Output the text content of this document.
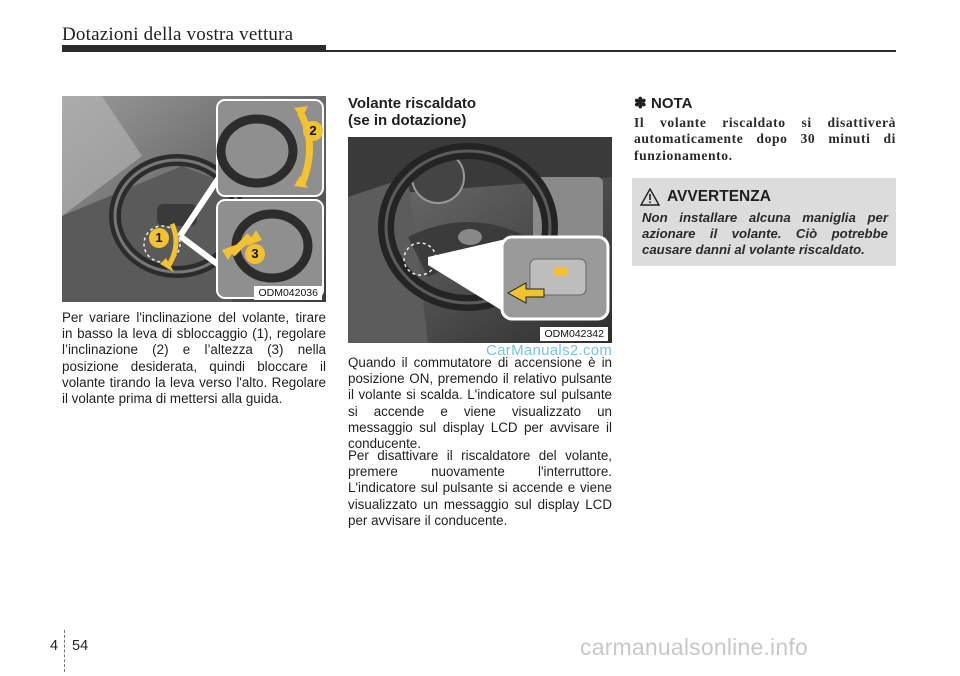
Dotazioni della vostra vettura
1
2
3
ODM042036
Per variare l'inclinazione del volante, tirare in basso la leva di sbloccaggio (1), regolare l’inclinazione (2) e l’altezza (3) nella posizione desiderata, quindi bloccare il volante tirando la leva verso l'alto. Regolare il volante prima di mettersi alla guida.
Volante riscaldato
(se in dotazione)
ODM042342
Quando il commutatore di accensione è in posizione ON, premendo il relativo pulsante il volante si scalda. L'indicatore sul pulsante si accende e viene visualizzato un messaggio sul display LCD per avvisare il conducente.
Per disattivare il riscaldatore del volante, premere nuovamente l'interruttore. L'indicatore sul pulsante si accende e viene visualizzato un messaggio sul display LCD per avvisare il conducente.
✽ NOTA
Il volante riscaldato si disattiverà automaticamente dopo 30 minuti di funzionamento.
AVVERTENZA
Non installare alcuna maniglia per azionare il volante. Ciò potrebbe causare danni al volante riscaldato.
CarManuals2.com
4 54	carmanualsonline.info
